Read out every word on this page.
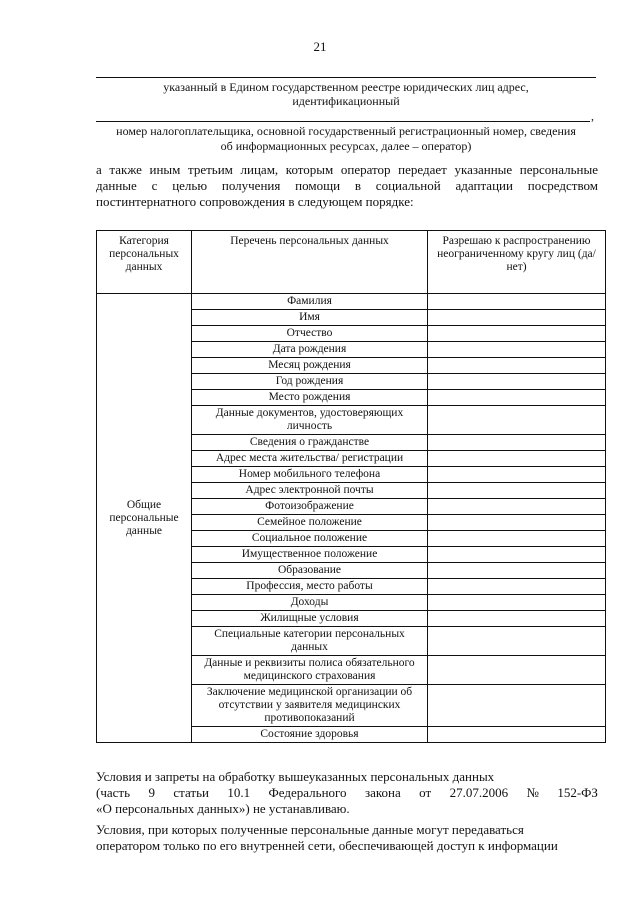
21
указанный в Едином государственном реестре юридических лиц адрес,
идентификационный
,
номер налогоплательщика, основной государственный регистрационный номер, сведения
об информационных ресурсах, далее – оператор)
а также иным третьим лицам, которым оператор передает указанные персональные данные с целью получения помощи в социальной адаптации посредством постинтернатного сопровождения в следующем порядке:
Категория персональных данных	Перечень персональных данных	Разрешаю к распространению неограниченному кругу лиц (да/нет)
Общие персональные данные	Фамилия	
	Имя	
	Отчество	
	Дата рождения	
	Месяц рождения	
	Год рождения	
	Место рождения	
	Данные документов, удостоверяющих личность	
	Сведения о гражданстве	
	Адрес места жительства/ регистрации	
	Номер мобильного телефона	
	Адрес электронной почты	
	Фотоизображение	
	Семейное положение	
	Социальное положение	
	Имущественное положение	
	Образование	
	Профессия, место работы	
	Доходы	
	Жилищные условия	
	Специальные категории персональных данных	
	Данные и реквизиты полиса обязательного медицинского страхования	
	Заключение медицинской организации об отсутствии у заявителя медицинских противопоказаний	
	Состояние здоровья	
Условия и запреты на обработку вышеуказанных персональных данных
(часть 9 статьи 10.1 Федерального закона от 27.07.2006 № 152-ФЗ
«О персональных данных») не устанавливаю.
Условия, при которых полученные персональные данные могут передаваться
оператором только по его внутренней сети, обеспечивающей доступ к информации
